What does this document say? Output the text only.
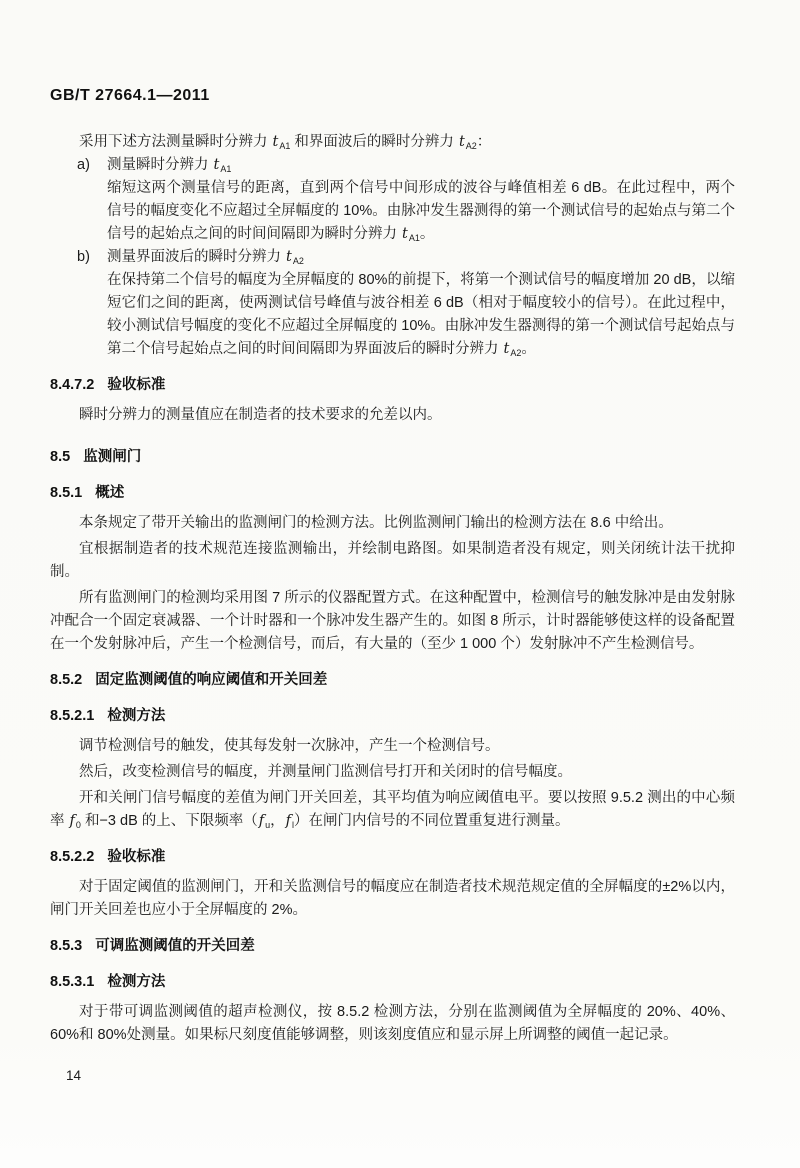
GB/T 27664.1—2011

采用下述方法测量瞬时分辨力 $t_{A1}$ 和界面波后的瞬时分辨力 $t_{A2}$：

a)	测量瞬时分辨力 $t_{A1}$
缩短这两个测量信号的距离，直到两个信号中间形成的波谷与峰值相差 6 dB。在此过程中，两个信号的幅度变化不应超过全屏幅度的 10%。由脉冲发生器测得的第一个测试信号的起始点与第二个信号的起始点之间的时间间隔即为瞬时分辨力 $t_{A1}$。
b)	测量界面波后的瞬时分辨力 $t_{A2}$
在保持第二个信号的幅度为全屏幅度的 80%的前提下，将第一个测试信号的幅度增加 20 dB，以缩短它们之间的距离，使两测试信号峰值与波谷相差 6 dB（相对于幅度较小的信号）。在此过程中，较小测试信号幅度的变化不应超过全屏幅度的 10%。由脉冲发生器测得的第一个测试信号起始点与第二个信号起始点之间的时间间隔即为界面波后的瞬时分辨力 $t_{A2}$。
8.4.7.2 验收标准

瞬时分辨力的测量值应在制造者的技术要求的允差以内。

8.5 监测闸门
8.5.1 概述

本条规定了带开关输出的监测闸门的检测方法。比例监测闸门输出的检测方法在 8.6 中给出。

宜根据制造者的技术规范连接监测输出，并绘制电路图。如果制造者没有规定，则关闭统计法干扰抑制。

所有监测闸门的检测均采用图 7 所示的仪器配置方式。在这种配置中，检测信号的触发脉冲是由发射脉冲配合一个固定衰减器、一个计时器和一个脉冲发生器产生的。如图 8 所示，计时器能够使这样的设备配置在一个发射脉冲后，产生一个检测信号，而后，有大量的（至少 1 000 个）发射脉冲不产生检测信号。

8.5.2 固定监测阈值的响应阈值和开关回差
8.5.2.1 检测方法

调节检测信号的触发，使其每发射一次脉冲，产生一个检测信号。

然后，改变检测信号的幅度，并测量闸门监测信号打开和关闭时的信号幅度。

开和关闸门信号幅度的差值为闸门开关回差，其平均值为响应阈值电平。要以按照 9.5.2 测出的中心频率 $f_0$ 和−3 dB 的上、下限频率（$f_u$，$f_l$）在闸门内信号的不同位置重复进行测量。

8.5.2.2 验收标准

对于固定阈值的监测闸门，开和关监测信号的幅度应在制造者技术规范规定值的全屏幅度的±2%以内，闸门开关回差也应小于全屏幅度的 2%。

8.5.3 可调监测阈值的开关回差
8.5.3.1 检测方法

对于带可调监测阈值的超声检测仪，按 8.5.2 检测方法，分别在监测阈值为全屏幅度的 20%、40%、60%和 80%处测量。如果标尺刻度值能够调整，则该刻度值应和显示屏上所调整的阈值一起记录。

14
